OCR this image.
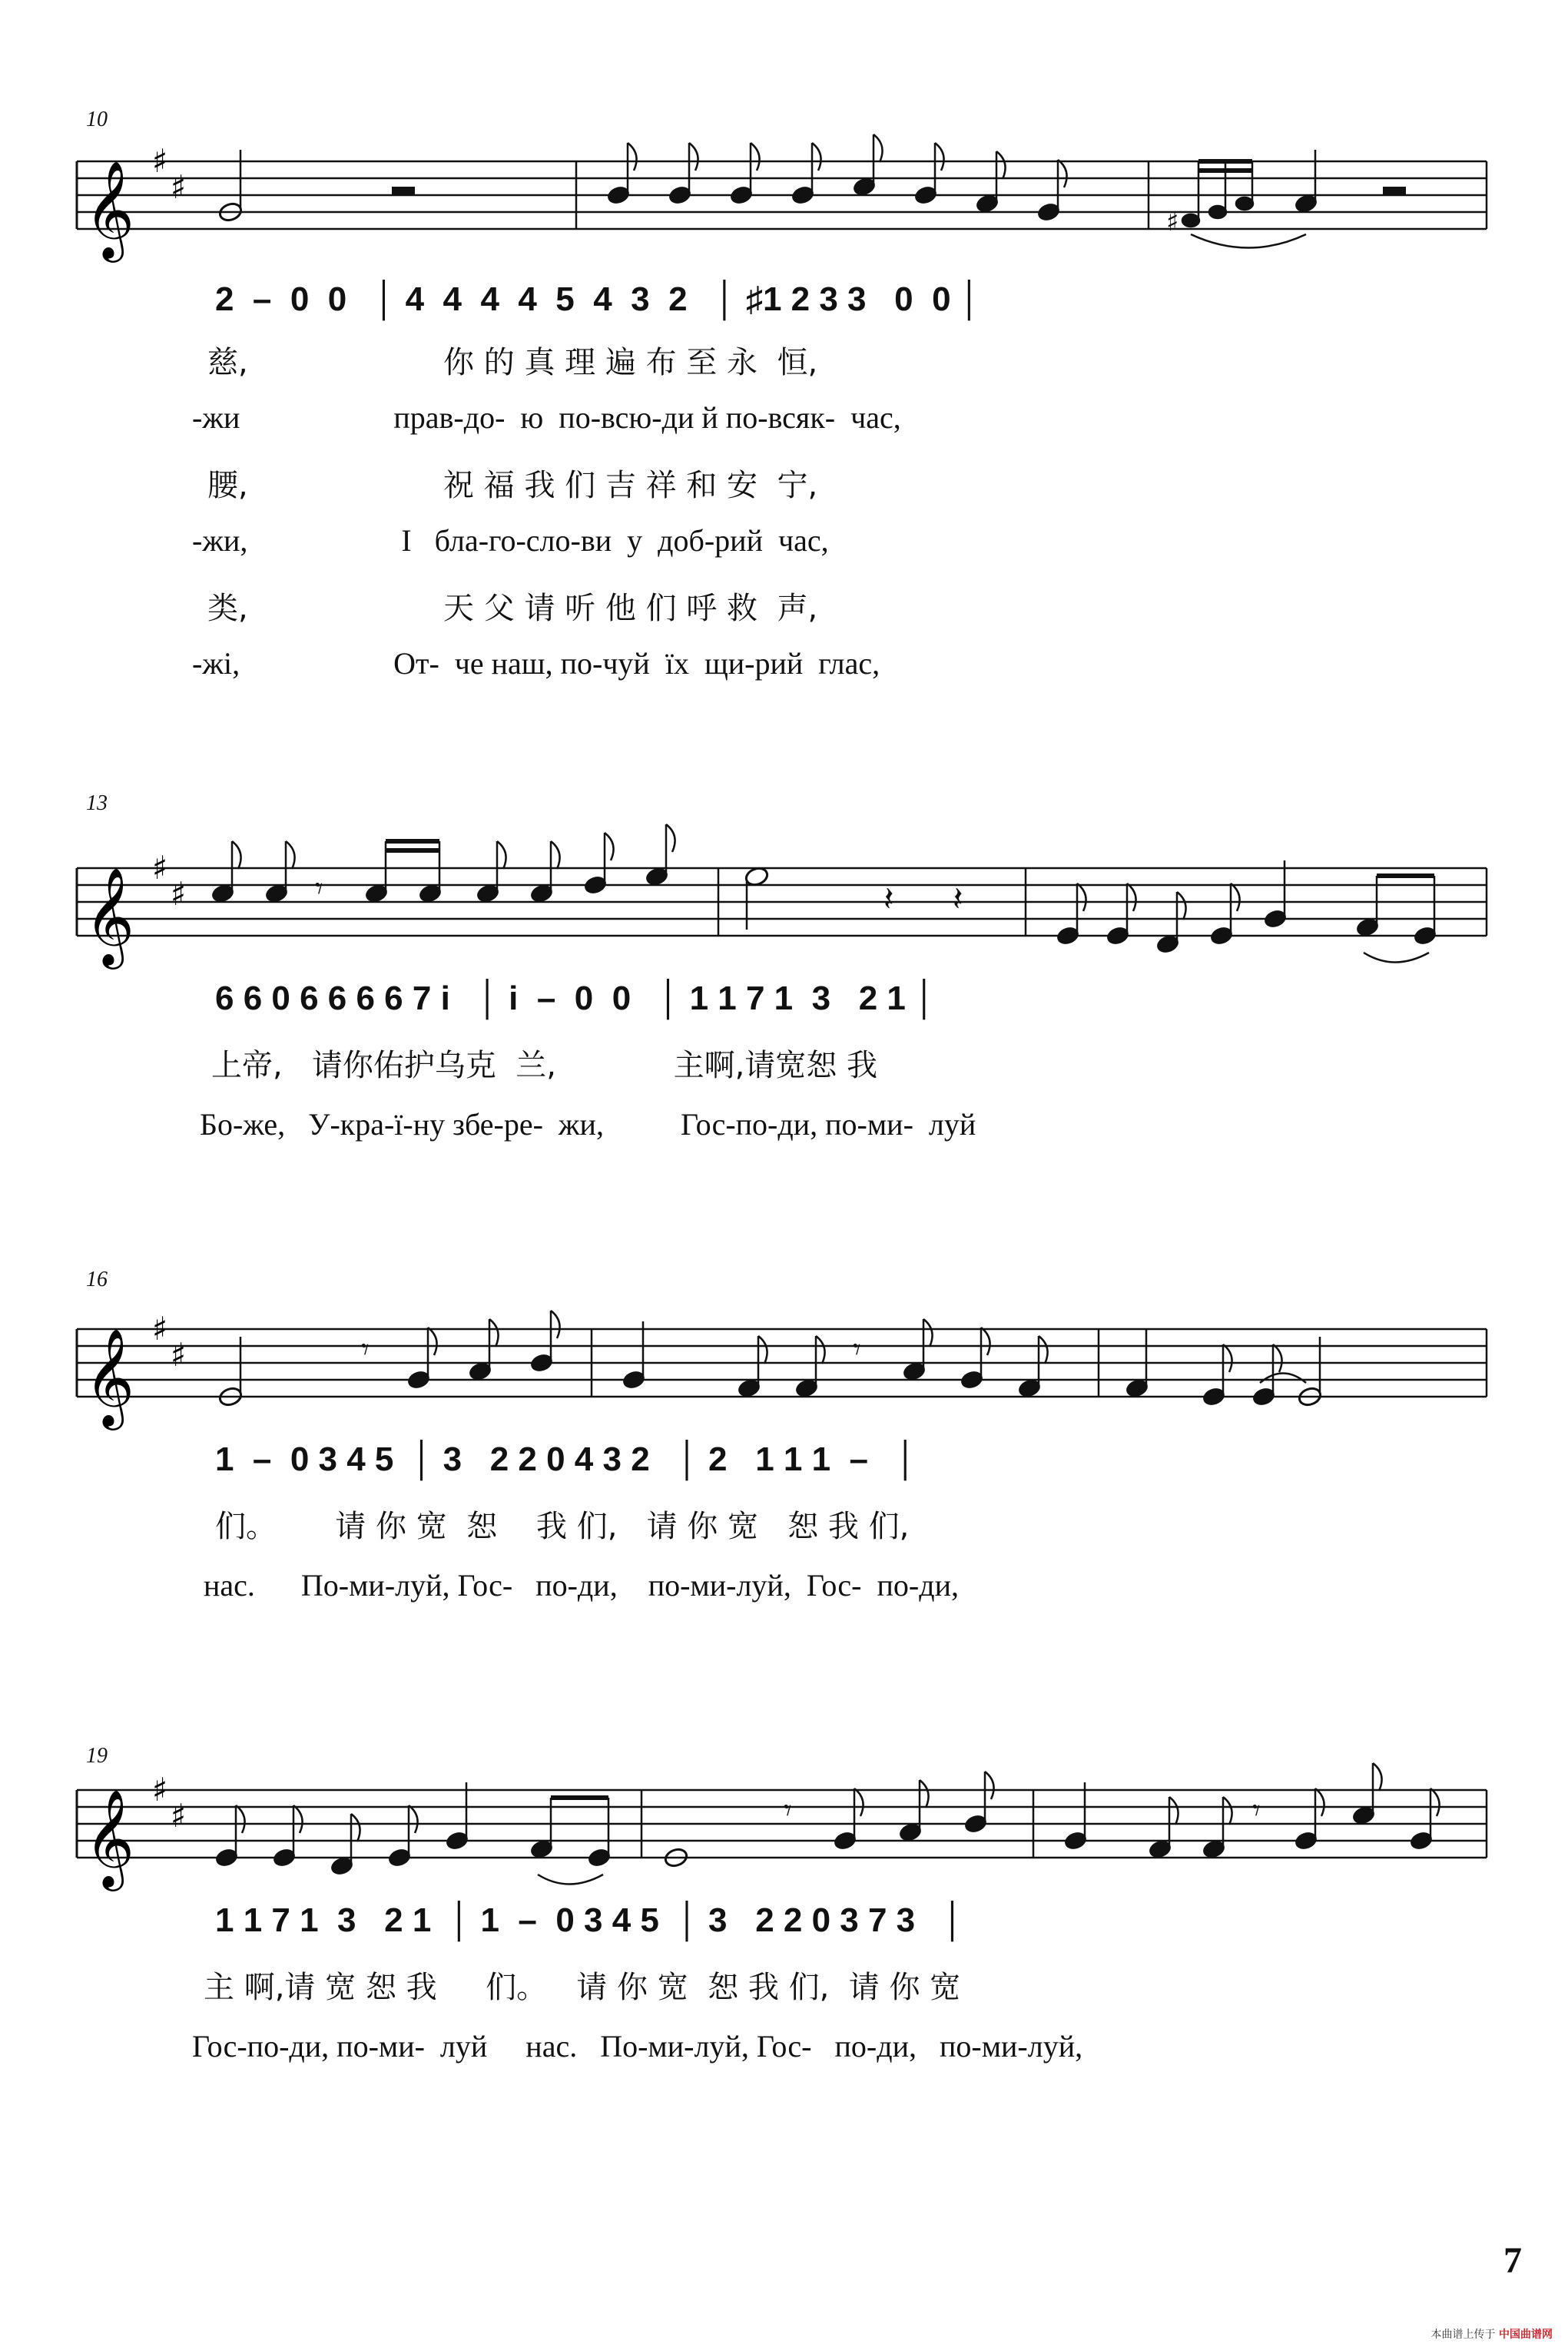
10
𝄞 ♯
♯
♯
2  –  0  0   │ 4  4  4  4  5  4  3  2   │ ♯1 2 3 3   0  0 │
慈,                    你 的 真 理 遍 布 至 永  恒,
-жи                    прав-до-  ю  по-всю-ди й по-всяк-  час,
腰,                    祝 福 我 们 吉 祥 和 安  宁,
-жи,                    І   бла-го-сло-ви  у  доб-рий  час,
类,                    天 父 请 听 他 们 呼 救  声,
-жі,                    От-  че наш, по-чуй  їх  щи-рий  глас,
13
𝄞 ♯
♯	𝄾	𝄽 𝄽
6 6 0 6 6 6 6 7 i   │ i  –  0  0   │ 1 1 7 1  3   2 1 │
上帝,   请你佑护乌克  兰,            主啊,请宽恕 我
Бо-же,   У-кра-ї-ну збе-ре-  жи,          Гос-по-ди, по-ми-  луй
16
𝄞 ♯
♯	𝄾	𝄾
1  –  0 3 4 5  │ 3   2 2 0 4 3 2   │ 2   1 1 1  –   │
们。      请 你 宽  恕    我 们,   请 你 宽   恕 我 们,
нас.      По-ми-луй, Гос-   по-ди,    по-ми-луй,  Гос-  по-ди,
19
𝄞 ♯
♯	𝄾	𝄾
1 1 7 1  3   2 1  │ 1  –  0 3 4 5  │ 3   2 2 0 3 7 3   │
主 啊,请 宽 恕 我     们。   请 你 宽  恕 我 们,  请 你 宽
Гос-по-ди, по-ми-  луй     нас.   По-ми-луй, Гос-   по-ди,   по-ми-луй,
7
本曲谱上传于 中国曲谱网
